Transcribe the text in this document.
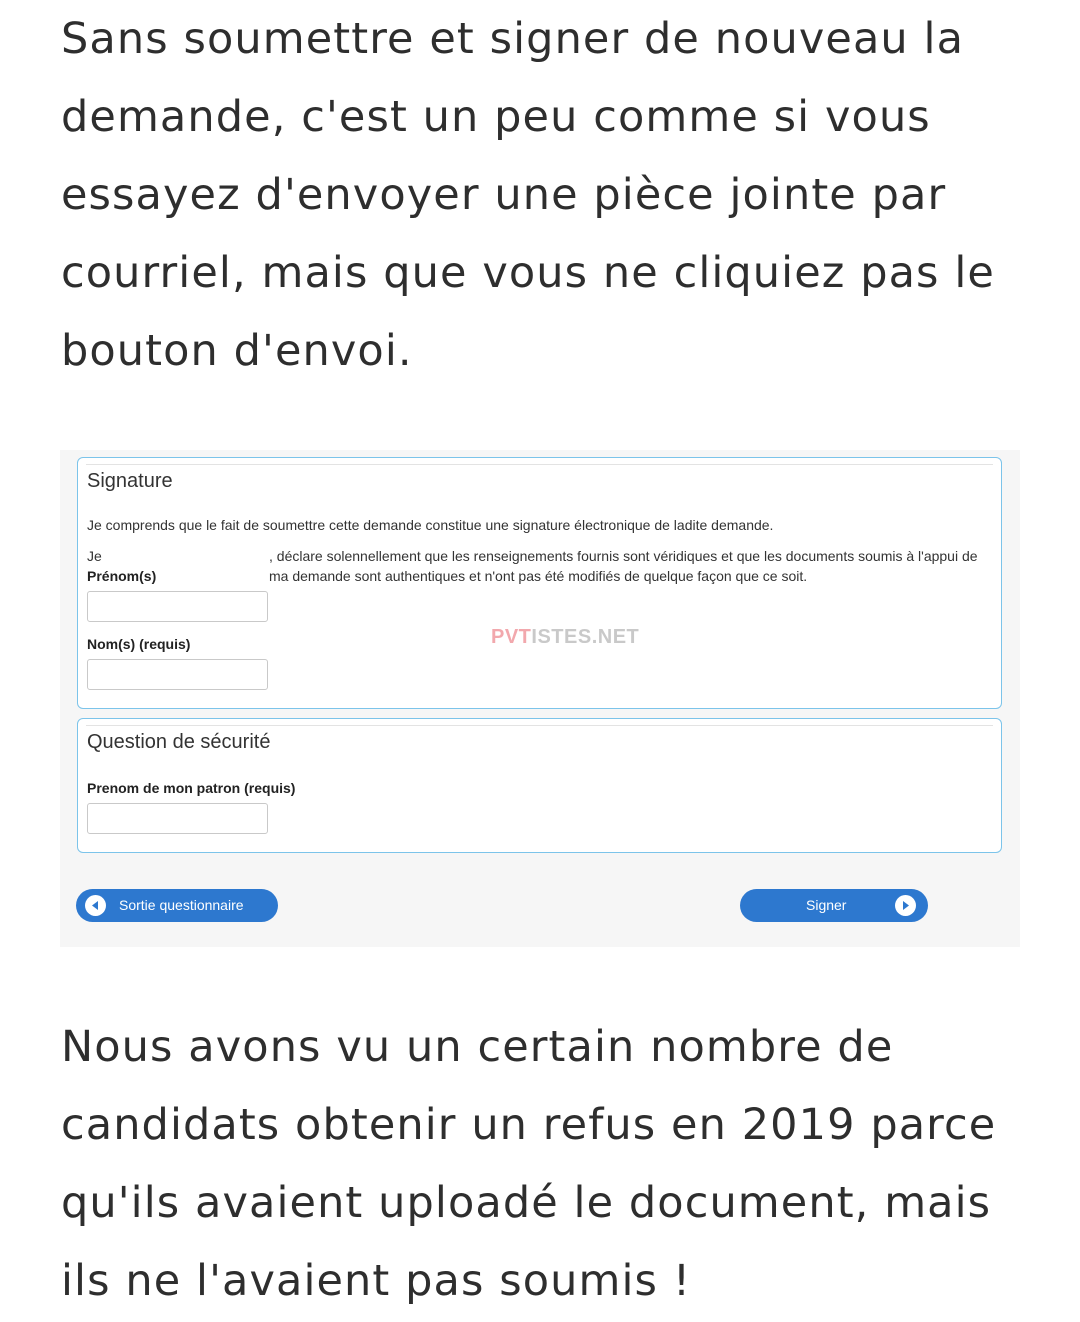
Sans soumettre et signer de nouveau la demande, c'est un peu comme si vous essayez d'envoyer une pièce jointe par courriel, mais que vous ne cliquiez pas le bouton d'envoi.

Signature
Je comprends que le fait de soumettre cette demande constitue une signature électronique de ladite demande.
Je
Prénom(s)
, déclare solennellement que les renseignements fournis sont véridiques et que les documents soumis à l'appui de ma demande sont authentiques et n'ont pas été modifiés de quelque façon que ce soit.
Nom(s) (requis)	PVTISTES.NET
Question de sécurité
Prenom de mon patron (requis)
Sortie questionnaire	Signer

Nous avons vu un certain nombre de candidats obtenir un refus en 2019 parce qu'ils avaient uploadé le document, mais ils ne l'avaient pas soumis !
